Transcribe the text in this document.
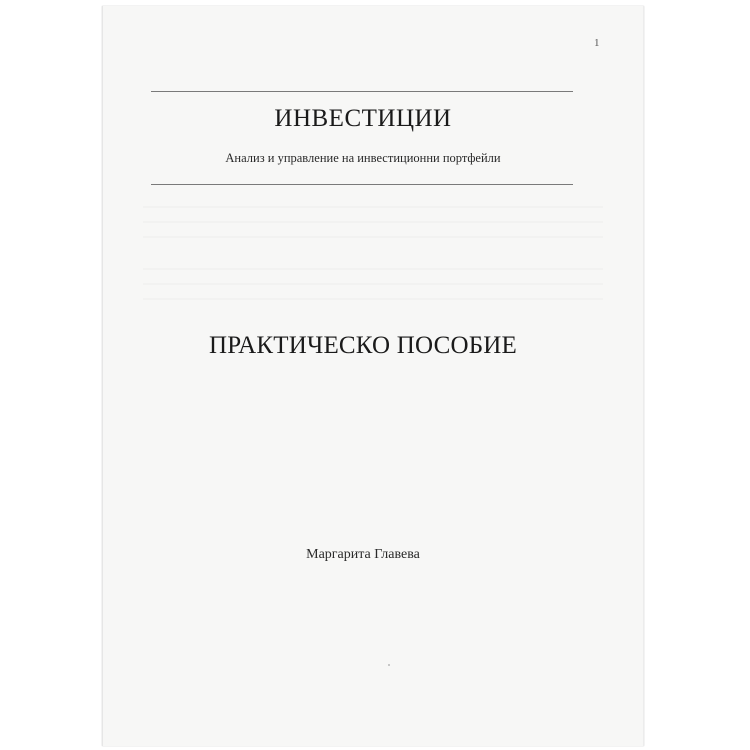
1
ИНВЕСТИЦИИ
Анализ и управление на инвестиционни портфейли
ПРАКТИЧЕСКО ПОСОБИЕ
Маргарита Главева
